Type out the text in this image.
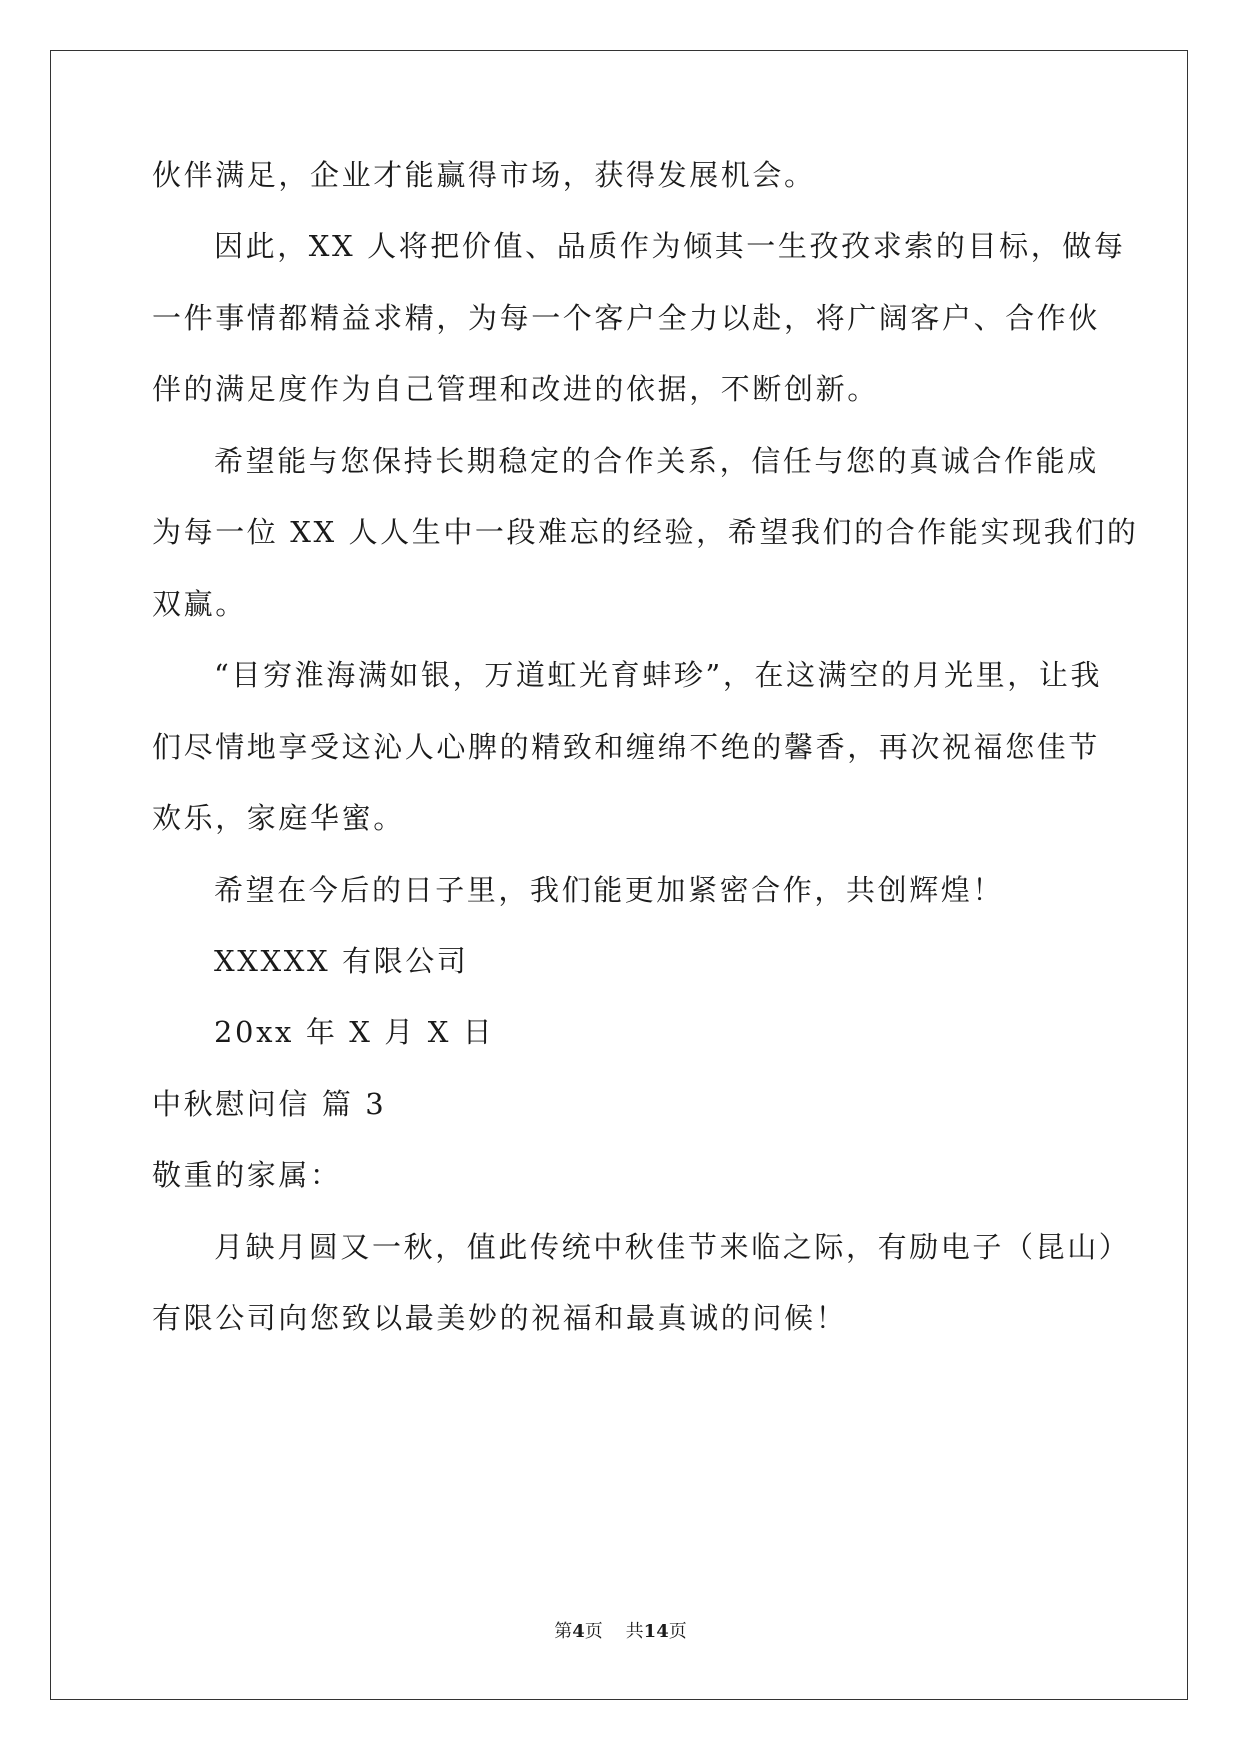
伙伴满足，企业才能赢得市场，获得发展机会。
因此，XX 人将把价值、品质作为倾其一生孜孜求索的目标，做每
一件事情都精益求精，为每一个客户全力以赴，将广阔客户、合作伙
伴的满足度作为自己管理和改进的依据，不断创新。
希望能与您保持长期稳定的合作关系，信任与您的真诚合作能成
为每一位 XX 人人生中一段难忘的经验，希望我们的合作能实现我们的
双赢。
“目穷淮海满如银，万道虹光育蚌珍”，在这满空的月光里，让我
们尽情地享受这沁人心脾的精致和缠绵不绝的馨香，再次祝福您佳节
欢乐，家庭华蜜。
希望在今后的日子里，我们能更加紧密合作，共创辉煌！
XXXXX 有限公司
20xx 年 X 月 X 日
中秋慰问信 篇 3
敬重的家属：
月缺月圆又一秋，值此传统中秋佳节来临之际，有励电子（昆山）
有限公司向您致以最美妙的祝福和最真诚的问候！
第4页 共14页
